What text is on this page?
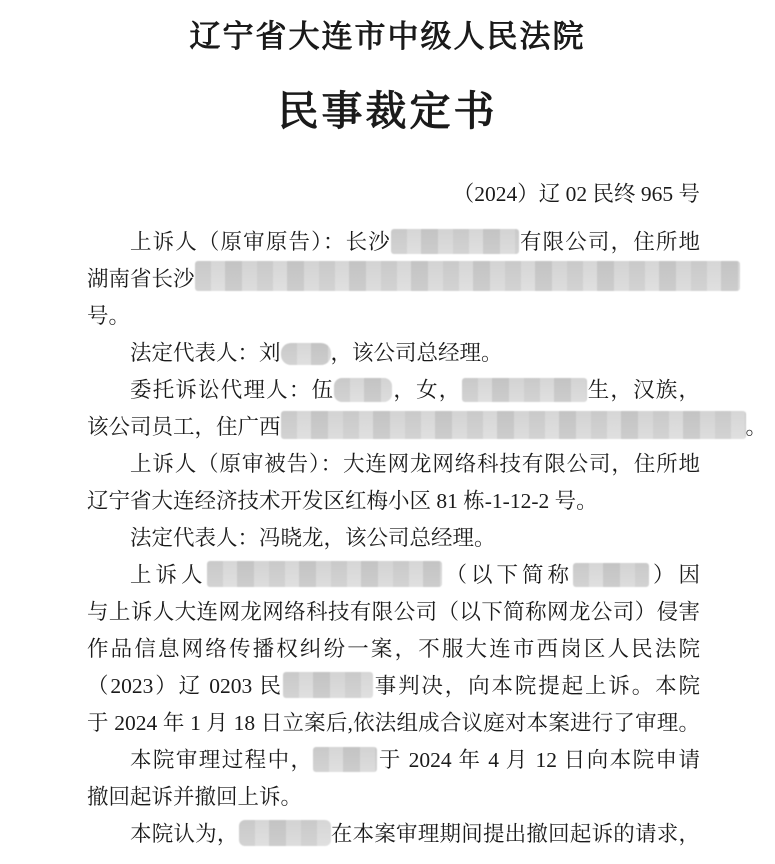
辽宁省大连市中级人民法院
民事裁定书
（2024）辽 02 民终 965 号
上诉人（原审原告）：长沙	有限公司，住所地
湖南省长沙
号。
法定代表人：刘 ，该公司总经理。
委托诉讼代理人：伍	，女，	生，汉族，
该公司员工，住广西	。
上诉人（原审被告）：大连网龙网络科技有限公司，住所地
辽宁省大连经济技术开发区红梅小区 81 栋-1-12-2 号。
法定代表人：冯晓龙，该公司总经理。
上诉人	（以下简称	）因
与上诉人大连网龙网络科技有限公司（以下简称网龙公司）侵害
作品信息网络传播权纠纷一案，不服大连市西岗区人民法院
（2023）辽 0203 民	事判决，向本院提起上诉。本院
于 2024 年 1 月 18 日立案后,依法组成合议庭对本案进行了审理。
本院审理过程中，	于 2024 年 4 月 12 日向本院申请
撤回起诉并撤回上诉。
本院认为，	在本案审理期间提出撤回起诉的请求，
